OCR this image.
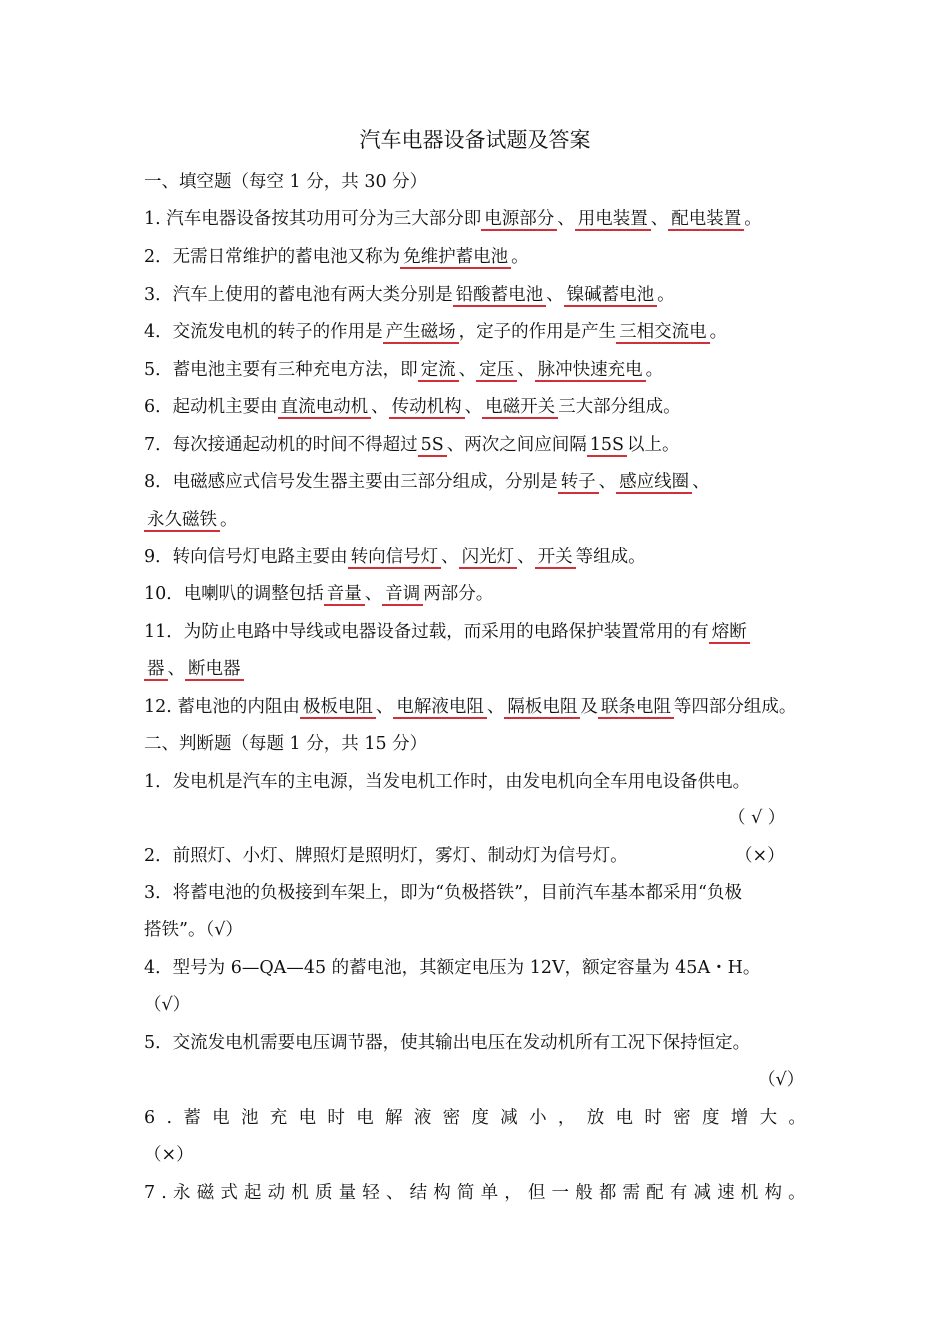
汽车电器设备试题及答案
一、填空题（每空 1 分，共 30 分）
1. 汽车电器设备按其功用可分为三大部分即 电源部分 、 用电装置 、 配电装置 。
2．无需日常维护的蓄电池又称为 免维护蓄电池 。
3．汽车上使用的蓄电池有两大类分别是 铅酸蓄电池 、 镍碱蓄电池 。
4．交流发电机的转子的作用是 产生磁场 ，定子的作用是产生 三相交流电 。
5．蓄电池主要有三种充电方法，即 定流 、 定压 、 脉冲快速充电 。
6．起动机主要由 直流电动机 、 传动机构 、 电磁开关 三大部分组成。
7．每次接通起动机的时间不得超过 5S 、两次之间应间隔 15S 以上。
8．电磁感应式信号发生器主要由三部分组成，分别是 转子 、 感应线圈 、
永久磁铁 。
9．转向信号灯电路主要由 转向信号灯 、 闪光灯 、 开关 等组成。
10．电喇叭的调整包括 音量 、 音调 两部分。
11．为防止电路中导线或电器设备过载，而采用的电路保护装置常用的有 熔断
器 、 断电器
12. 蓄电池的内阻由 极板电阻 、 电解液电阻 、 隔板电阻 及 联条电阻 等四部分组成。
二、判断题（每题 1 分，共 15 分）
1．发电机是汽车的主电源，当发电机工作时，由发电机向全车用电设备供电。
（ √ ）
2．前照灯、小灯、牌照灯是照明灯，雾灯、制动灯为信号灯。	（×）
3．将蓄电池的负极接到车架上，即为“负极搭铁”，目前汽车基本都采用“负极
搭铁”。（√）
4．型号为 6—QA—45 的蓄电池，其额定电压为 12V，额定容量为 45A・H。
（√）
5．交流发电机需要电压调节器，使其输出电压在发动机所有工况下保持恒定。
（√）
6 . 蓄 电 池 充 电 时 电 解 液 密 度 减 小 ， 放 电 时 密 度 增 大 。
（×）
7 . 永 磁 式 起 动 机 质 量 轻 、 结 构 简 单 ， 但 一 般 都 需 配 有 减 速 机 构 。
